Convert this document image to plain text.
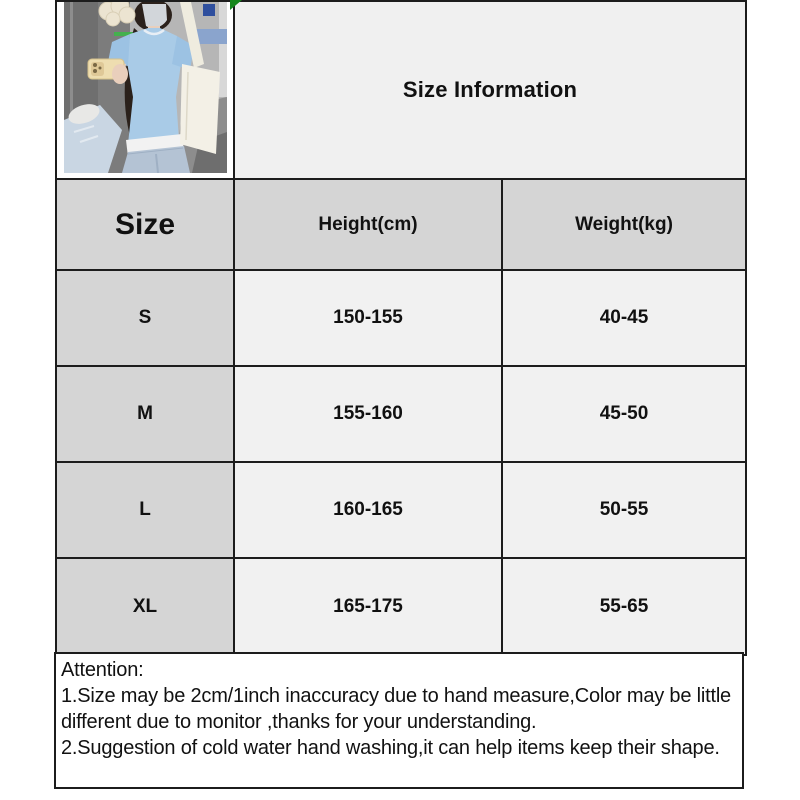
	Size Information	
Size	Height(cm)	Weight(kg)
S	150-155	40-45
M	155-160	45-50
L	160-165	50-55
XL	165-175	55-65

Attention:

1.Size may be 2cm/1inch inaccuracy due to hand measure,Color may be little different due to monitor ,thanks for your understanding.

2.Suggestion of cold water hand washing,it can help items keep their shape.
